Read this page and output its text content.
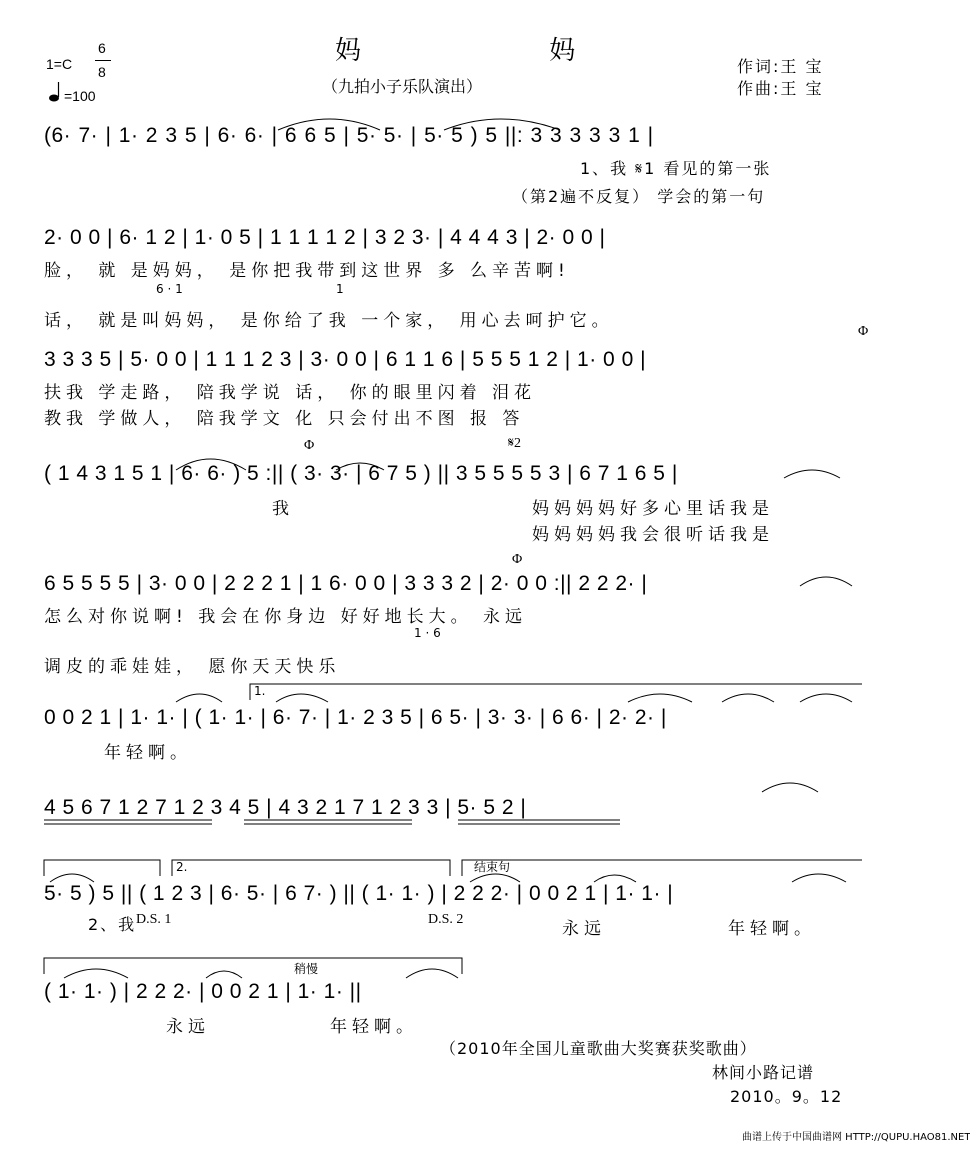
1=C
6
8
=100
妈 妈
（九拍小子乐队演出）
作词:王 宝
作曲:王 宝
(6· 7· | 1· 2 3 5 | 6· 6· | 6 6 5 | 5· 5· | 5· 5 ) 5 ||: 3 3 3 3 3 1 |
1、我 𝄋1 看见的第一张
（第2遍不反复） 学会的第一句
2· 0 0 | 6· 1 2 | 1· 0 5 | 1 1 1 1 2 | 3 2 3· | 4 4 4 3 | 2· 0 0 |
脸， 就 是妈妈， 是你把我带到这世界 多 么辛苦啊!
6 · 1	1
话， 就是叫妈妈， 是你给了我 一个家， 用心去呵护它。
Φ
3 3 3 5 | 5· 0 0 | 1 1 1 2 3 | 3· 0 0 | 6 1 1 6 | 5 5 5 1 2 | 1· 0 0 |
扶我 学走路， 陪我学说 话， 你的眼里闪着 泪花
教我 学做人， 陪我学文 化 只会付出不图 报 答
Φ	𝄋2
( 1 4 3 1 5 1 | 6· 6· ) 5 :|| ( 3· 3· | 6 7 5 ) || 3 5 5 5 5 3 | 6 7 1 6 5 |
我	妈妈妈妈好多心里话我是
妈妈妈妈我会很听话我是
Φ
6 5 5 5 5 | 3· 0 0 | 2 2 2 1 | 1 6· 0 0 | 3 3 3 2 | 2· 0 0 :|| 2 2 2· |
怎么对你说啊! 我会在你身边 好好地长大。 永远
1 · 6
调皮的乖娃娃， 愿你天天快乐
1.
0 0 2 1 | 1· 1· | ( 1· 1· | 6· 7· | 1· 2 3 5 | 6 5· | 3· 3· | 6 6· | 2· 2· |
年轻啊。
4 5 6 7 1 2 7 1 2 3 4 5 | 4 3 2 1 7 1 2 3 3 | 5· 5 2 |
2.	结束句
5· 5 ) 5 || ( 1 2 3 | 6· 5· | 6 7· ) || ( 1· 1· ) | 2 2 2· | 0 0 2 1 | 1· 1· |
2、我 D.S. 1	D.S. 2	永远	年轻啊。
稍慢
( 1· 1· ) | 2 2 2· | 0 0 2 1 | 1· 1· ||
永远	年轻啊。
（2010年全国儿童歌曲大奖赛获奖歌曲）
林间小路记谱
2010。9。12
曲谱上传于中国曲谱网 HTTP://QUPU.HAO81.NET
